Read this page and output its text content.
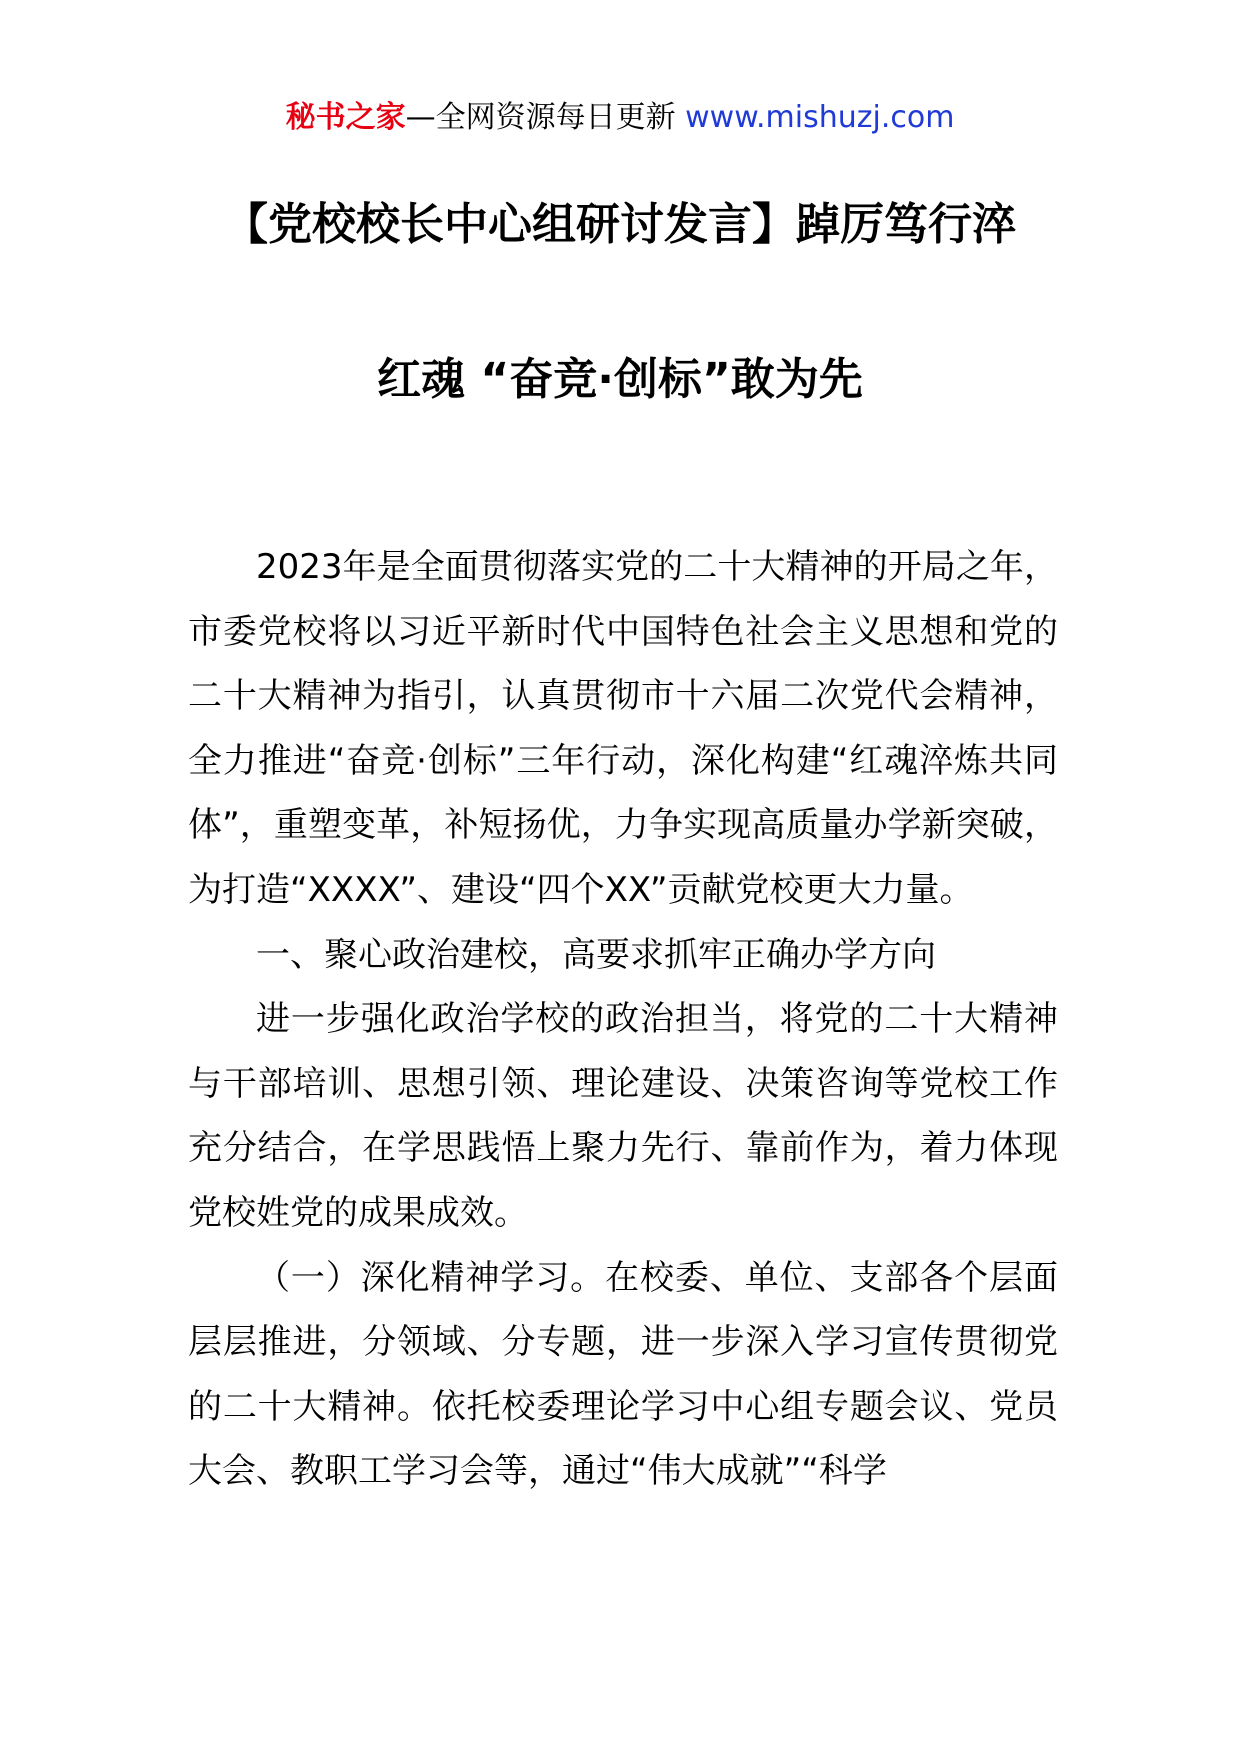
秘书之家—全网资源每日更新 www.mishuzj.com
【党校校长中心组研讨发言】踔厉笃行淬
红魂 “奋竞·创标”敢为先

2023年是全面贯彻落实党的二十大精神的开局之年，市委党校将以习近平新时代中国特色社会主义思想和党的二十大精神为指引，认真贯彻市十六届二次党代会精神，全力推进“奋竞·创标”三年行动，深化构建“红魂淬炼共同体”，重塑变革，补短扬优，力争实现高质量办学新突破，为打造“XXXX”、建设“四个XX”贡献党校更大力量。

一、聚心政治建校，高要求抓牢正确办学方向

进一步强化政治学校的政治担当，将党的二十大精神与干部培训、思想引领、理论建设、决策咨询等党校工作充分结合，在学思践悟上聚力先行、靠前作为，着力体现党校姓党的成果成效。

（一）深化精神学习。在校委、单位、支部各个层面层层推进，分领域、分专题，进一步深入学习宣传贯彻党的二十大精神。依托校委理论学习中心组专题会议、党员大会、教职工学习会等，通过“伟大成就”“科学
